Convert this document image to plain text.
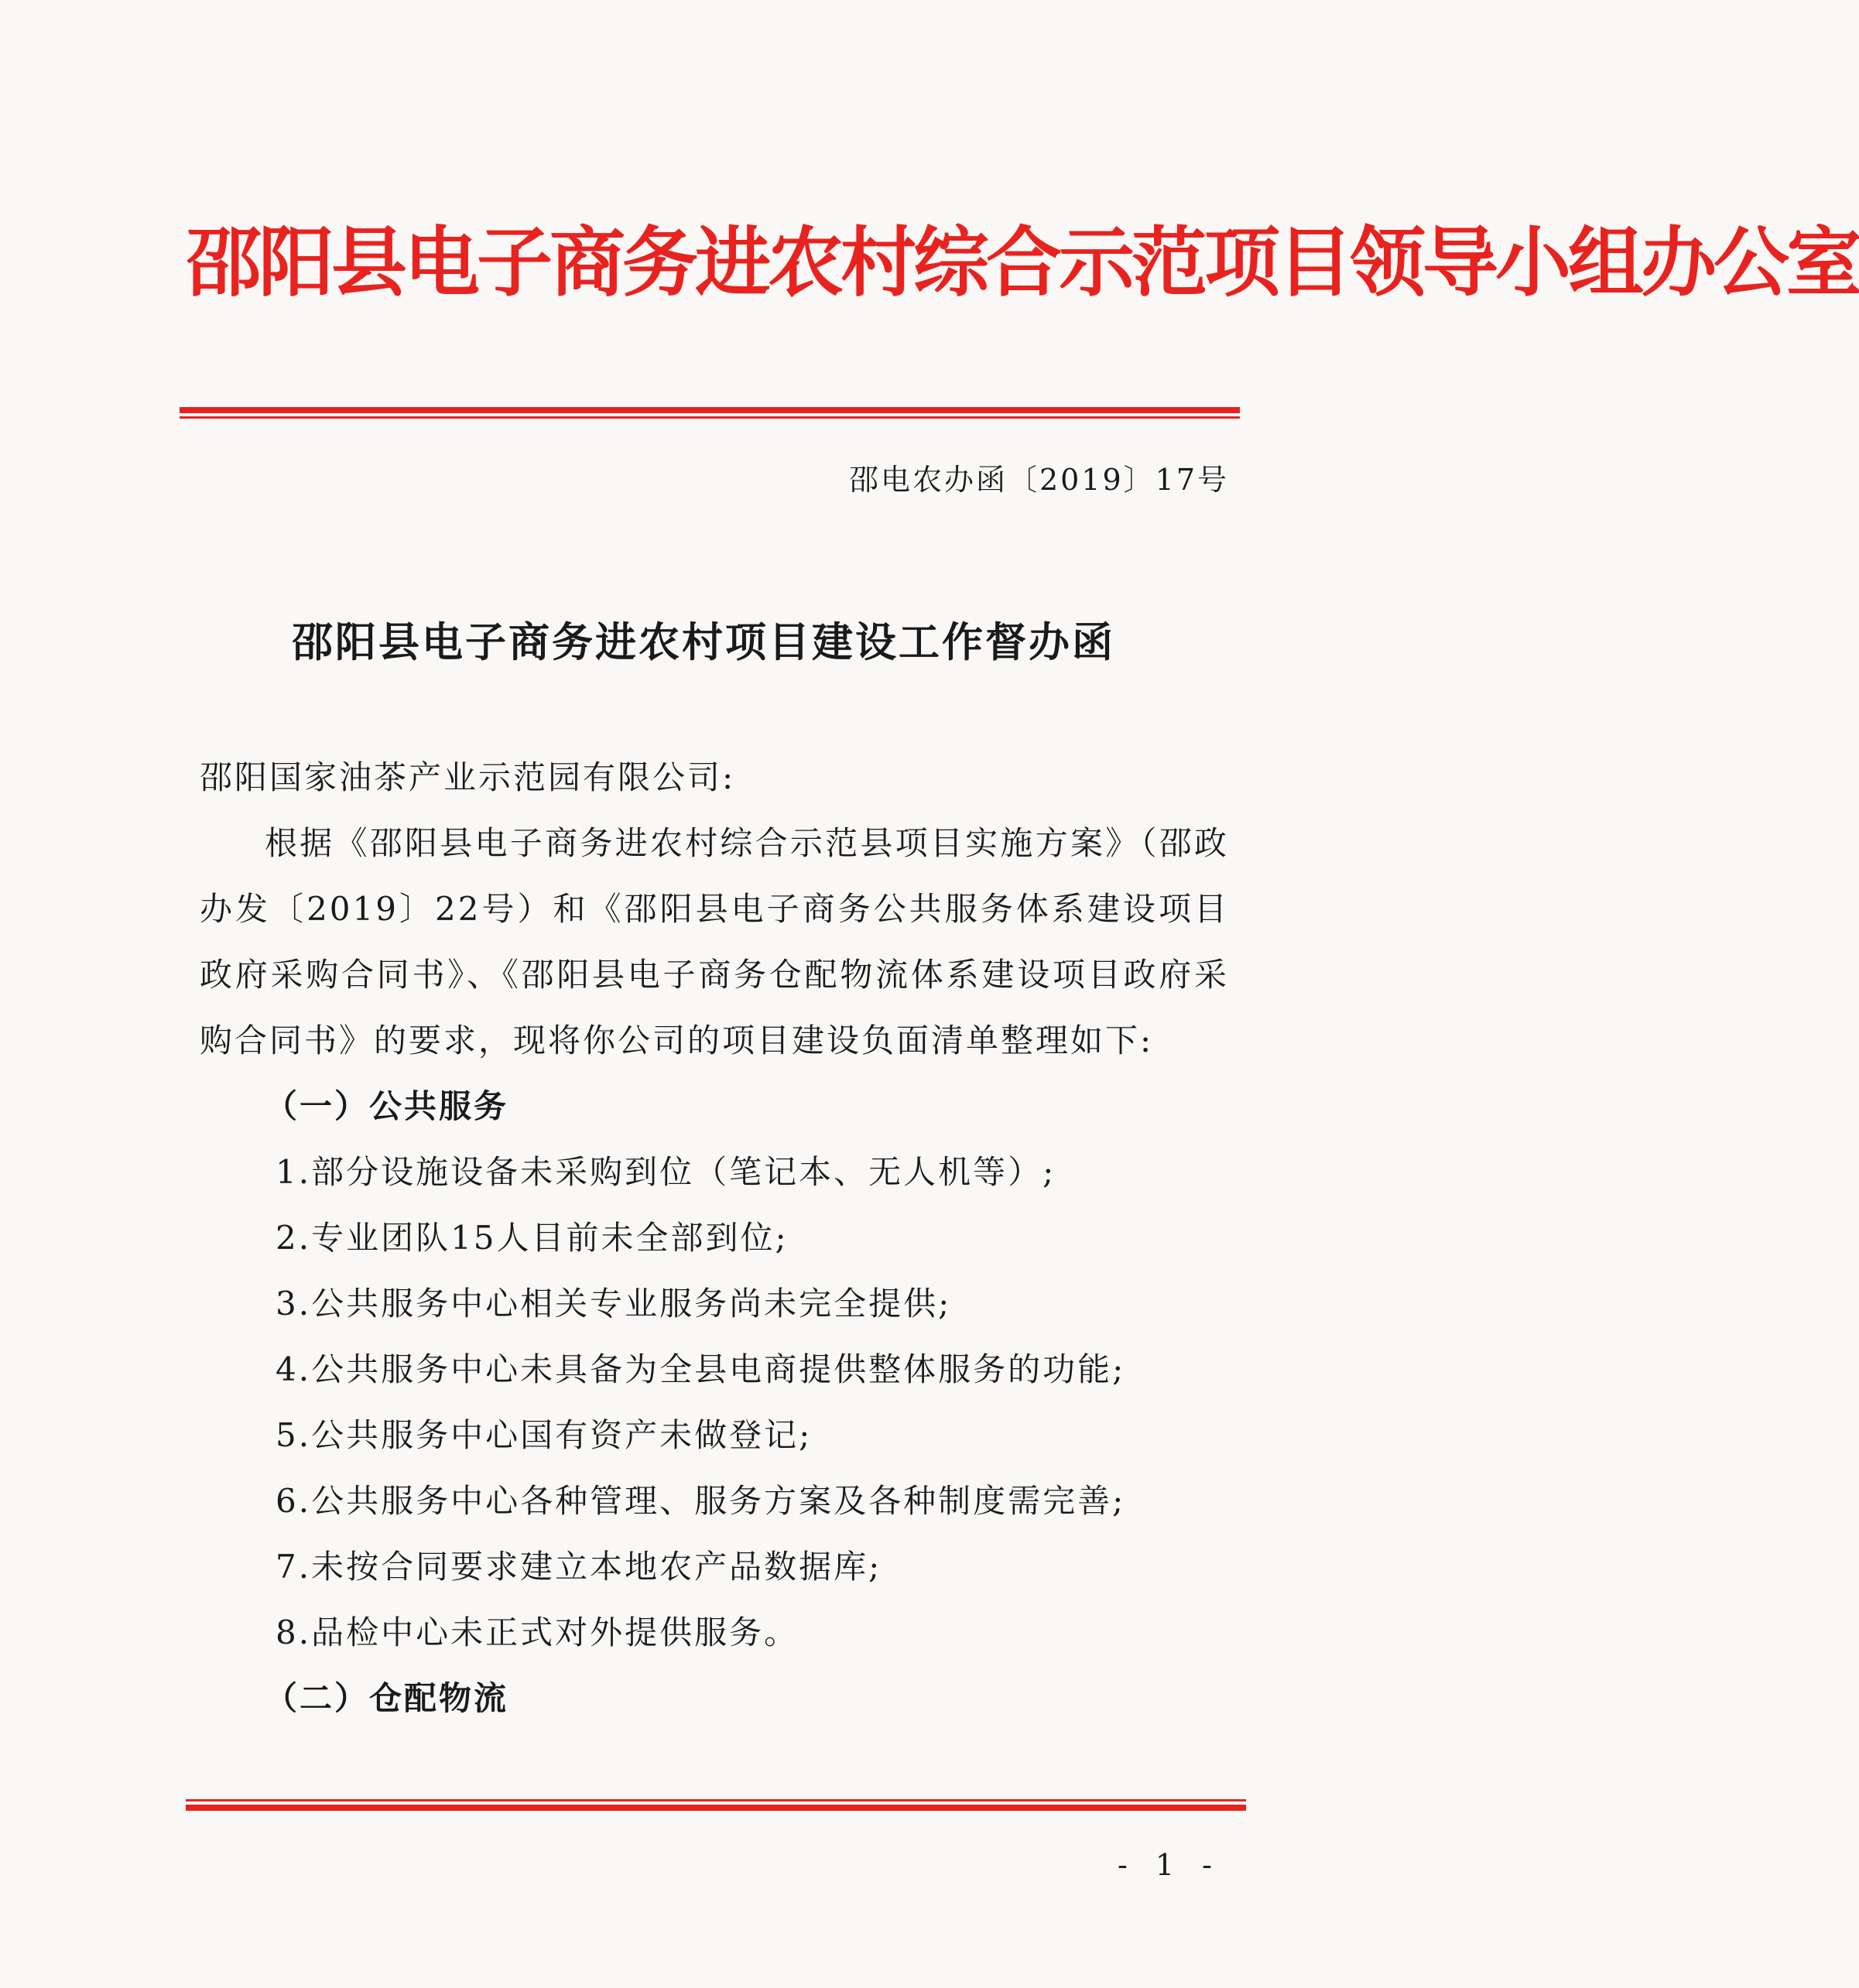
邵阳县电子商务进农村综合示范项目领导小组办公室
邵电农办函〔2019〕17号
邵阳县电子商务进农村项目建设工作督办函

邵阳国家油茶产业示范园有限公司:

根据《邵阳县电子商务进农村综合示范县项目实施方案》（邵政办发〔2019〕22号）和《邵阳县电子商务公共服务体系建设项目政府采购合同书》、《邵阳县电子商务仓配物流体系建设项目政府采购合同书》的要求，现将你公司的项目建设负面清单整理如下:

（一）公共服务

1.部分设施设备未采购到位（笔记本、无人机等）;

2.专业团队15人目前未全部到位;

3.公共服务中心相关专业服务尚未完全提供;

4.公共服务中心未具备为全县电商提供整体服务的功能;

5.公共服务中心国有资产未做登记;

6.公共服务中心各种管理、服务方案及各种制度需完善;

7.未按合同要求建立本地农产品数据库;

8.品检中心未正式对外提供服务。

（二）仓配物流

- 1 -
